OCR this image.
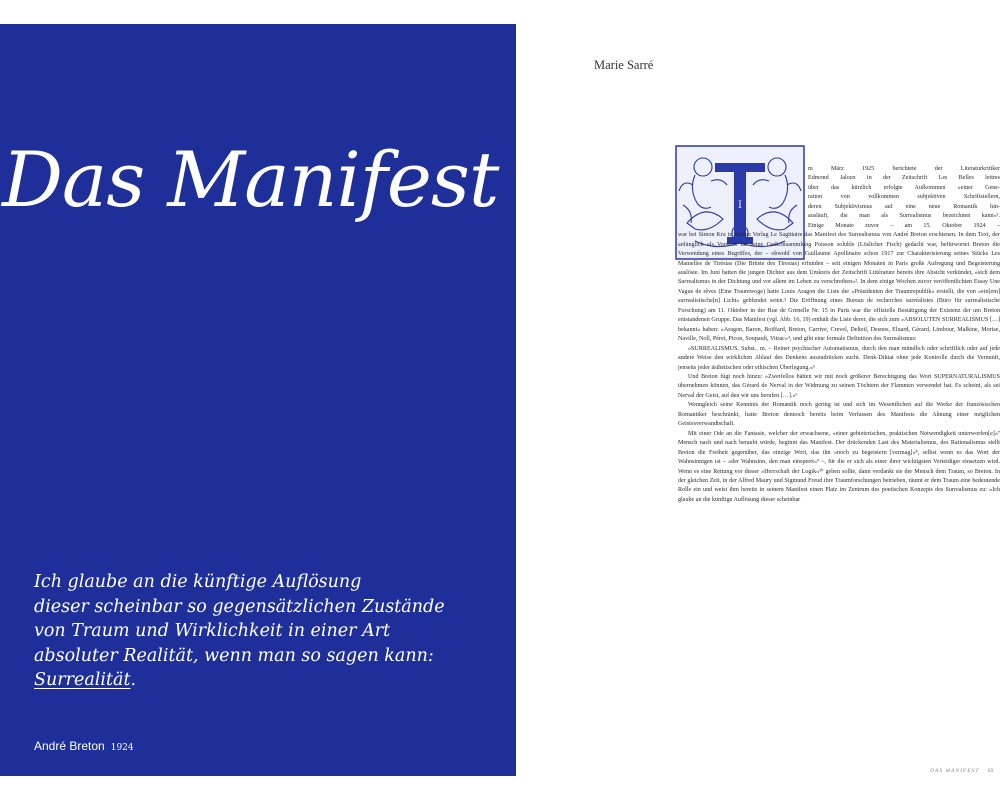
Das Manifest
Ich glaube an die künftige Auflösung
dieser scheinbar so gegensätzlichen Zustände
von Traum und Wirklichkeit in einer Art
absoluter Realität, wenn man so sagen kann:
Surrealität.
André Breton 1924
Marie Sarré
I
m März 1925 berichtete der Literaturkritiker
Edmond Jaloux in der Zeitschrift Les Belles lettres
über das kürzlich erfolgte Aufkommen »einer Gene-
ration von vollkommen subjektiven Schriftstellern,
deren Subjektivismus auf eine neue Romantik hin-
ausläuft, die man als Surrealismus bezeichnen kann«¹.
Einige Monate zuvor – am 15. Oktober 1924 –

war bei Simon Kra in dessen Verlag Le Sagittaire das Manifest des Surrealismus von André Breton erschienen. In dem Text, der anfänglich als Vorwort für seine Gedichtsammlung Poisson soluble (Löslicher Fisch) gedacht war, befürwortet Breton die Verwendung eines Begriffes, der – obwohl von Guillaume Apollinaire schon 1917 zur Charakterisierung seines Stücks Les Mamelles de Tirésias (Die Brüste des Tiresias) erfunden – seit einigen Monaten in Paris große Aufregung und Begeisterung auslöste. Im Juni hatten die jungen Dichter aus dem Umkreis der Zeitschrift Littérature bereits ihre Absicht verkündet, »sich dem Surrealismus in der Dichtung und vor allem im Leben zu verschreiben«². In dem einige Wochen zuvor veröffentlichten Essay Une Vague de rêves (Eine Traumwoge) hatte Louis Aragon die Liste der »Präsidenten der Traumrepublik« erstellt, die von »ein[em] surrealistische[n] Licht« geblendet seien.³ Die Eröffnung eines Bureau de recherches surréalistes (Büro für surrealistische Forschung) am 11. Oktober in der Rue de Grenelle Nr. 15 in Paris war die offizielle Bestätigung der Existenz der um Breton entstandenen Gruppe. Das Manifest (vgl. Abb. 16, 19) enthält die Liste derer, die sich zum »ABSOLUTEN SURREALISMUS […] bekannt« haben: »Aragon, Baron, Boiffard, Breton, Carrive, Crevel, Delteil, Desnos, Eluard, Gérard, Limbour, Malkine, Morise, Naville, Noll, Péret, Picon, Soupault, Vitrac«⁴, und gibt eine formale Definition des Surrealismus:

»SURREALISMUS, Subst., m. – Reiner psychischer Automatismus, durch den man mündlich oder schriftlich oder auf jede andere Weise den wirklichen Ablauf des Denkens auszudrücken sucht. Denk-Diktat ohne jede Kontrolle durch die Vernunft, jenseits jeder ästhetischen oder ethischen Überlegung.«⁵

Und Breton fügt noch hinzu: »Zweifellos hätten wir mit noch größerer Berechtigung das Wort SUPERNATURALISMUS übernehmen können, das Gérard de Nerval in der Widmung zu seinen Töchtern der Flammen verwendet hat. Es scheint, als sei Nerval der Geist, auf den wir uns berufen […].«⁶

Wenngleich seine Kenntnis der Romantik noch gering ist und sich im Wesentlichen auf die Werke der französischen Romantiker beschränkt, hatte Breton dennoch bereits beim Verfassen des Manifests die Ahnung einer möglichen Geistesverwandtschaft.

Mit einer Ode an die Fantasie, welcher der erwachsene, »einer gebieterischen, praktischen Notwendigkeit unterworfen[e]«⁷ Mensch nach und nach beraubt würde, beginnt das Manifest. Der drückenden Last des Materialismus, des Rationalismus stellt Breton die Freiheit gegenüber, das einzige Wort, das ihn »noch zu begeistern [vermag]«⁸, selbst wenn es das Wort der Wahnsinnigen ist – »der Wahnsinn, den man einsperrt«⁹ –, für die er sich als einer ihrer wichtigsten Verteidiger einsetzen wird. Wenn es eine Rettung vor dieser »Herrschaft der Logik«¹⁰ geben sollte, dann verdankt sie der Mensch dem Traum, so Breton. In der gleichen Zeit, in der Alfred Maury und Sigmund Freud ihre Traumforschungen betrieben, räumt er dem Traum eine bedeutende Rolle ein und weist ihm bereits in seinem Manifest einen Platz im Zentrum des poetischen Konzepts des Surrealismus zu: »Ich glaube an die künftige Auflösung dieser scheinbar

DAS MANIFEST 13
